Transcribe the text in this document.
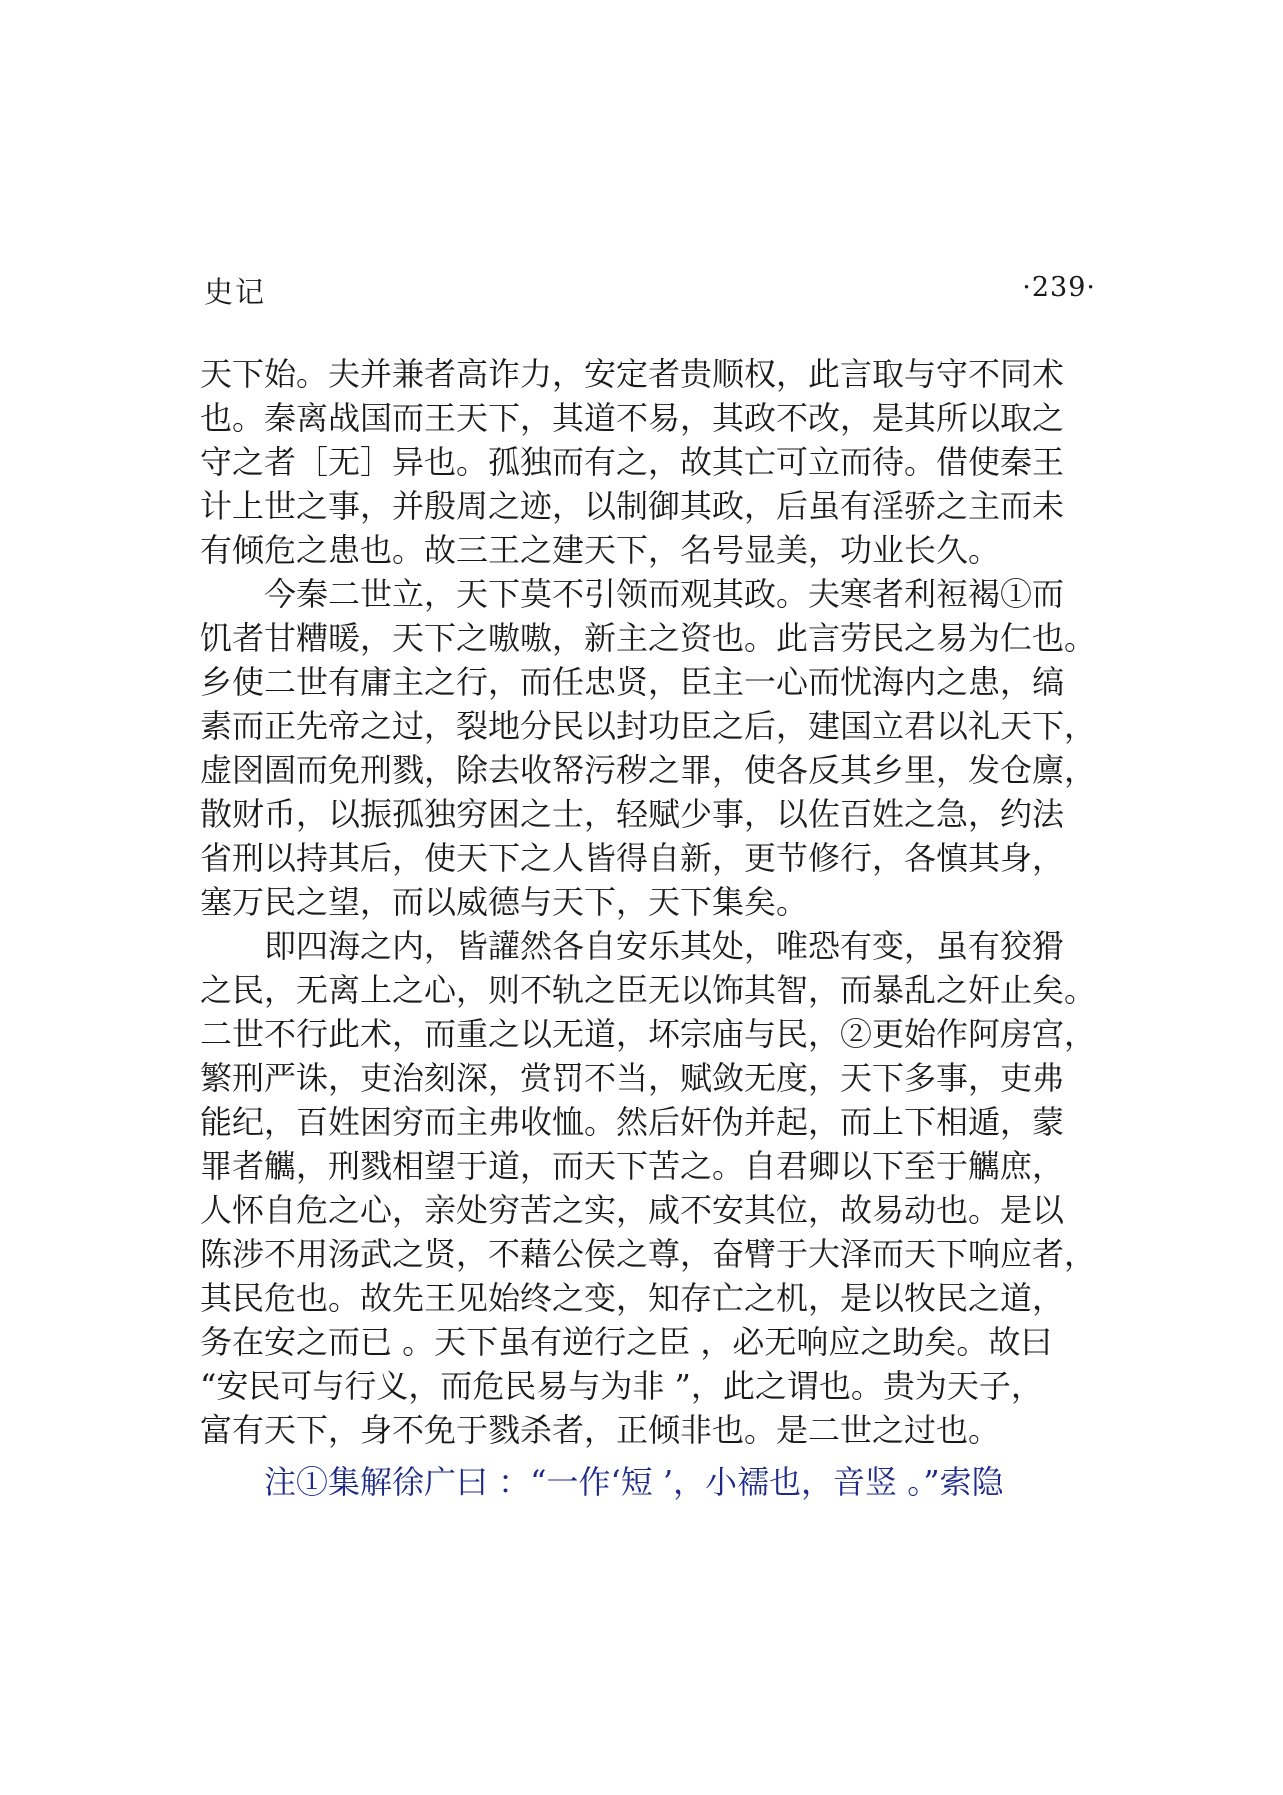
史记	·239·
天下始。夫并兼者高诈力，安定者贵顺权，此言取与守不同术
也。秦离战国而王天下，其道不易，其政不改，是其所以取之
守之者［无］异也。孤独而有之，故其亡可立而待。借使秦王
计上世之事，并殷周之迹，以制御其政，后虽有淫骄之主而未
有倾危之患也。故三王之建天下，名号显美，功业长久。
今秦二世立，天下莫不引领而观其政。夫寒者利裋褐①而
饥者甘糟暖，天下之嗷嗷，新主之资也。此言劳民之易为仁也。
乡使二世有庸主之行，而任忠贤，臣主一心而忧海内之患，缟
素而正先帝之过，裂地分民以封功臣之后，建国立君以礼天下，
虚囹圄而免刑戮，除去收帑污秽之罪，使各反其乡里，发仓廪，
散财币，以振孤独穷困之士，轻赋少事，以佐百姓之急，约法
省刑以持其后，使天下之人皆得自新，更节修行，各慎其身，
塞万民之望，而以威德与天下，天下集矣。
即四海之内，皆讙然各自安乐其处，唯恐有变，虽有狡猾
之民，无离上之心，则不轨之臣无以饰其智，而暴乱之奸止矣。
二世不行此术，而重之以无道，坏宗庙与民，②更始作阿房宫，
繁刑严诛，吏治刻深，赏罚不当，赋敛无度，天下多事，吏弗
能纪，百姓困穷而主弗收恤。然后奸伪并起，而上下相遁，蒙
罪者觽，刑戮相望于道，而天下苦之。自君卿以下至于觽庶，
人怀自危之心，亲处穷苦之实，咸不安其位，故易动也。是以
陈涉不用汤武之贤，不藉公侯之尊，奋臂于大泽而天下响应者，
其民危也。故先王见始终之变，知存亡之机，是以牧民之道，
务在安之而已 。天下虽有逆行之臣 ，必无响应之助矣。故曰
“安民可与行义，而危民易与为非 ”，此之谓也。贵为天子，
富有天下，身不免于戮杀者，正倾非也。是二世之过也。
注①集解徐广曰 ：“一作‘短 ’，小襦也，音竖 。”索隐
